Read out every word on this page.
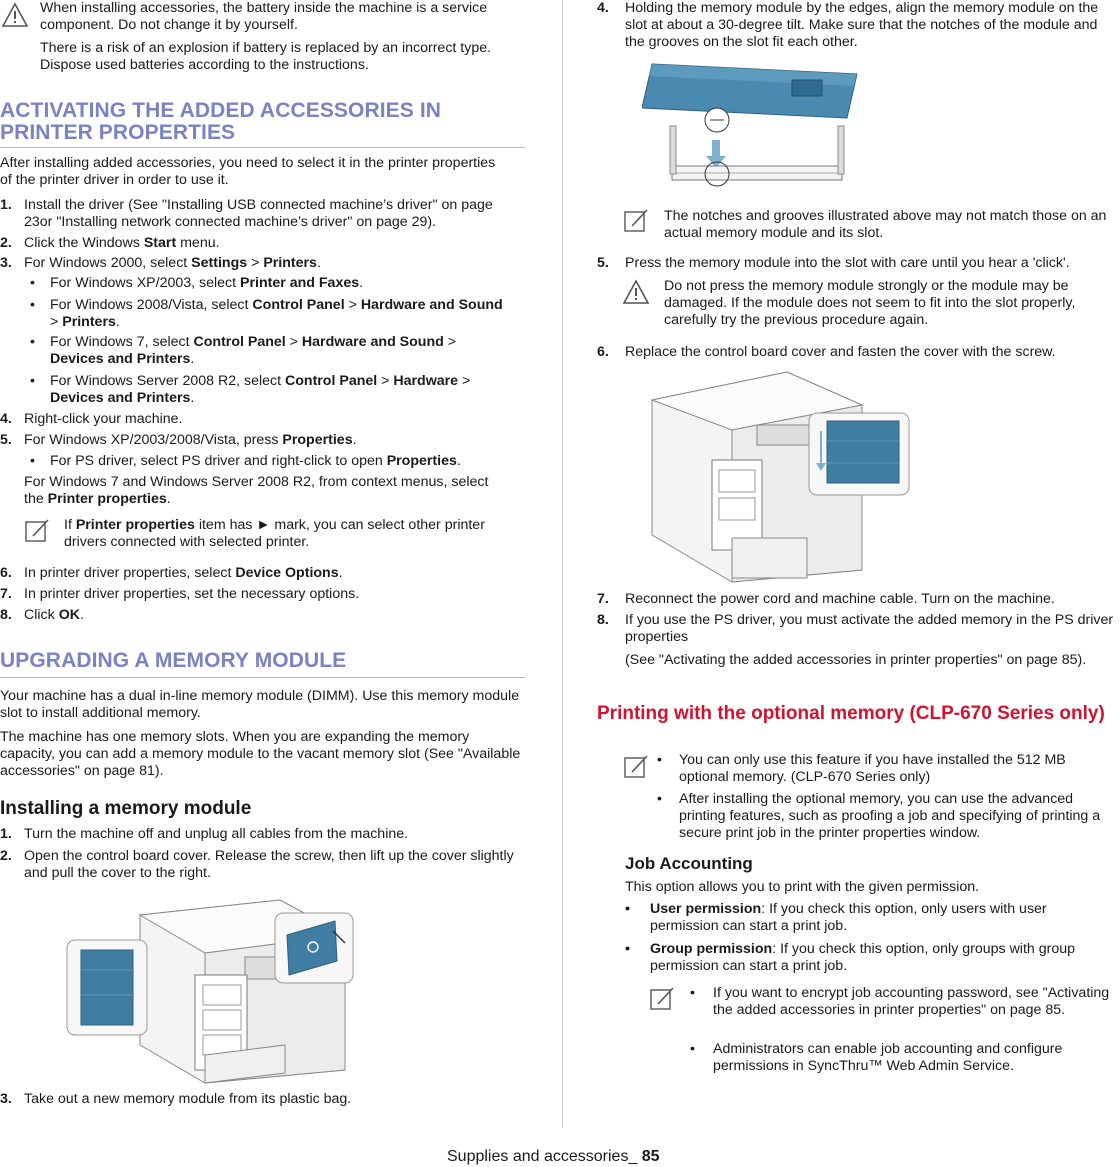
When installing accessories, the battery inside the machine is a service component. Do not change it by yourself.
There is a risk of an explosion if battery is replaced by an incorrect type. Dispose used batteries according to the instructions.
ACTIVATING THE ADDED ACCESSORIES IN PRINTER PROPERTIES
After installing added accessories, you need to select it in the printer properties of the printer driver in order to use it.
1. Install the driver (See "Installing USB connected machine’s driver" on page 23or "Installing network connected machine’s driver" on page 29).
2. Click the Windows Start menu.
3. For Windows 2000, select Settings > Printers.
• For Windows XP/2003, select Printer and Faxes.
• For Windows 2008/Vista, select Control Panel > Hardware and Sound
> Printers.
• For Windows 7, select Control Panel > Hardware and Sound >
Devices and Printers.
• For Windows Server 2008 R2, select Control Panel > Hardware >
Devices and Printers.
4. Right-click your machine.
5. For Windows XP/2003/2008/Vista, press Properties.
• For PS driver, select PS driver and right-click to open Properties.
For Windows 7 and Windows Server 2008 R2, from context menus, select the Printer properties.
If Printer properties item has ► mark, you can select other printer drivers connected with selected printer.
6. In printer driver properties, select Device Options.
7. In printer driver properties, set the necessary options.
8. Click OK.
UPGRADING A MEMORY MODULE
Your machine has a dual in-line memory module (DIMM). Use this memory module slot to install additional memory.
The machine has one memory slots. When you are expanding the memory capacity, you can add a memory module to the vacant memory slot (See "Available accessories" on page 81).
Installing a memory module
1. Turn the machine off and unplug all cables from the machine.
2. Open the control board cover. Release the screw, then lift up the cover slightly and pull the cover to the right.
3. Take out a new memory module from its plastic bag.
4. Holding the memory module by the edges, align the memory module on the slot at about a 30-degree tilt. Make sure that the notches of the module and the grooves on the slot fit each other.
The notches and grooves illustrated above may not match those on an actual memory module and its slot.
5. Press the memory module into the slot with care until you hear a 'click'.
Do not press the memory module strongly or the module may be damaged. If the module does not seem to fit into the slot properly, carefully try the previous procedure again.
6. Replace the control board cover and fasten the cover with the screw.
7. Reconnect the power cord and machine cable. Turn on the machine.
8. If you use the PS driver, you must activate the added memory in the PS driver properties
(See "Activating the added accessories in printer properties" on page 85).
Printing with the optional memory (CLP-670 Series only)
• You can only use this feature if you have installed the 512 MB optional memory. (CLP-670 Series only)
• After installing the optional memory, you can use the advanced printing features, such as proofing a job and specifying of printing a secure print job in the printer properties window.
Job Accounting
This option allows you to print with the given permission.
• User permission: If you check this option, only users with user permission can start a print job.
• Group permission: If you check this option, only groups with group permission can start a print job.
• If you want to encrypt job accounting password, see "Activating the added accessories in printer properties" on page 85.
• Administrators can enable job accounting and configure permissions in SyncThru™ Web Admin Service.
Supplies and accessories_ 85
